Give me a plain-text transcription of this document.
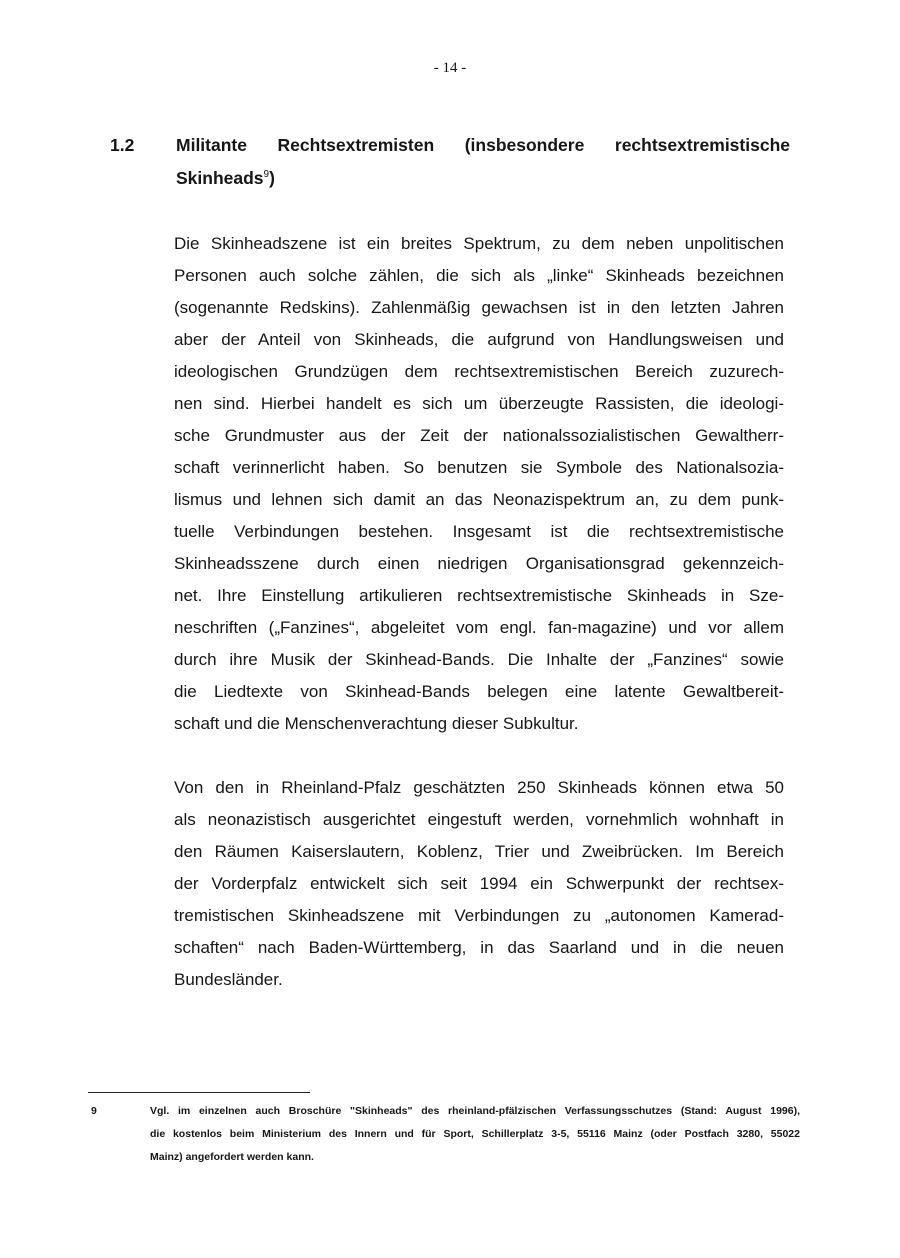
- 14 -
1.2 Militante Rechtsextremisten (insbesondere rechtsextremistische
Skinheads$^9$)
Die Skinheadszene ist ein breites Spektrum, zu dem neben unpolitischen
Personen auch solche zählen, die sich als „linke“ Skinheads bezeichnen
(sogenannte Redskins). Zahlenmäßig gewachsen ist in den letzten Jahren
aber der Anteil von Skinheads, die aufgrund von Handlungsweisen und
ideologischen Grundzügen dem rechtsextremistischen Bereich zuzurech-
nen sind. Hierbei handelt es sich um überzeugte Rassisten, die ideologi-
sche Grundmuster aus der Zeit der nationalssozialistischen Gewaltherr-
schaft verinnerlicht haben. So benutzen sie Symbole des Nationalsozia-
lismus und lehnen sich damit an das Neonazispektrum an, zu dem punk-
tuelle Verbindungen bestehen. Insgesamt ist die rechtsextremistische
Skinheadsszene durch einen niedrigen Organisationsgrad gekennzeich-
net. Ihre Einstellung artikulieren rechtsextremistische Skinheads in Sze-
neschriften („Fanzines“, abgeleitet vom engl. fan-magazine) und vor allem
durch ihre Musik der Skinhead-Bands. Die Inhalte der „Fanzines“ sowie
die Liedtexte von Skinhead-Bands belegen eine latente Gewaltbereit-
schaft und die Menschenverachtung dieser Subkultur.
Von den in Rheinland-Pfalz geschätzten 250 Skinheads können etwa 50
als neonazistisch ausgerichtet eingestuft werden, vornehmlich wohnhaft in
den Räumen Kaiserslautern, Koblenz, Trier und Zweibrücken. Im Bereich
der Vorderpfalz entwickelt sich seit 1994 ein Schwerpunkt der rechtsex-
tremistischen Skinheadszene mit Verbindungen zu „autonomen Kamerad-
schaften“ nach Baden-Württemberg, in das Saarland und in die neuen
Bundesländer.
9	Vgl. im einzelnen auch Broschüre "Skinheads" des rheinland-pfälzischen Verfassungsschutzes (Stand: August 1996),
die kostenlos beim Ministerium des Innern und für Sport, Schillerplatz 3-5, 55116 Mainz (oder Postfach 3280, 55022
Mainz) angefordert werden kann.
